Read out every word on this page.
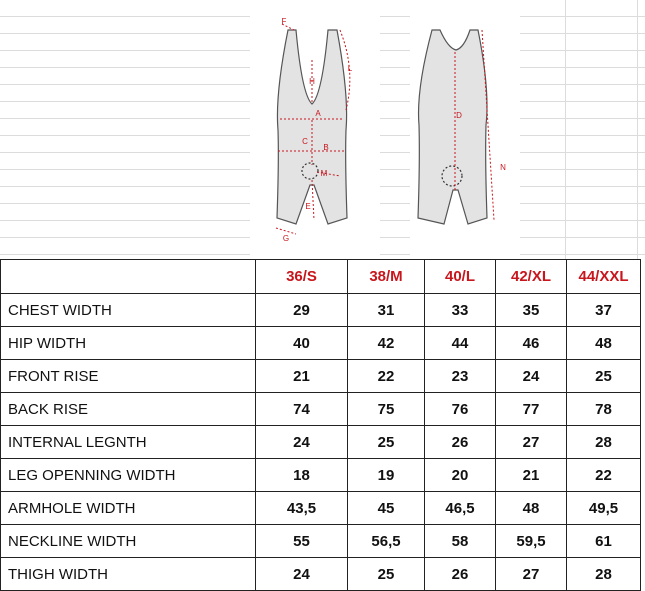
F
L
H
A
C
B
M
E
G
D
N
	36/S	38/M	40/L	42/XL	44/XXL
CHEST WIDTH	29	31	33	35	37
HIP WIDTH	40	42	44	46	48
FRONT RISE	21	22	23	24	25
BACK RISE	74	75	76	77	78
INTERNAL LEGNTH	24	25	26	27	28
LEG OPENNING WIDTH	18	19	20	21	22
ARMHOLE WIDTH	43,5	45	46,5	48	49,5
NECKLINE WIDTH	55	56,5	58	59,5	61
THIGH WIDTH	24	25	26	27	28
